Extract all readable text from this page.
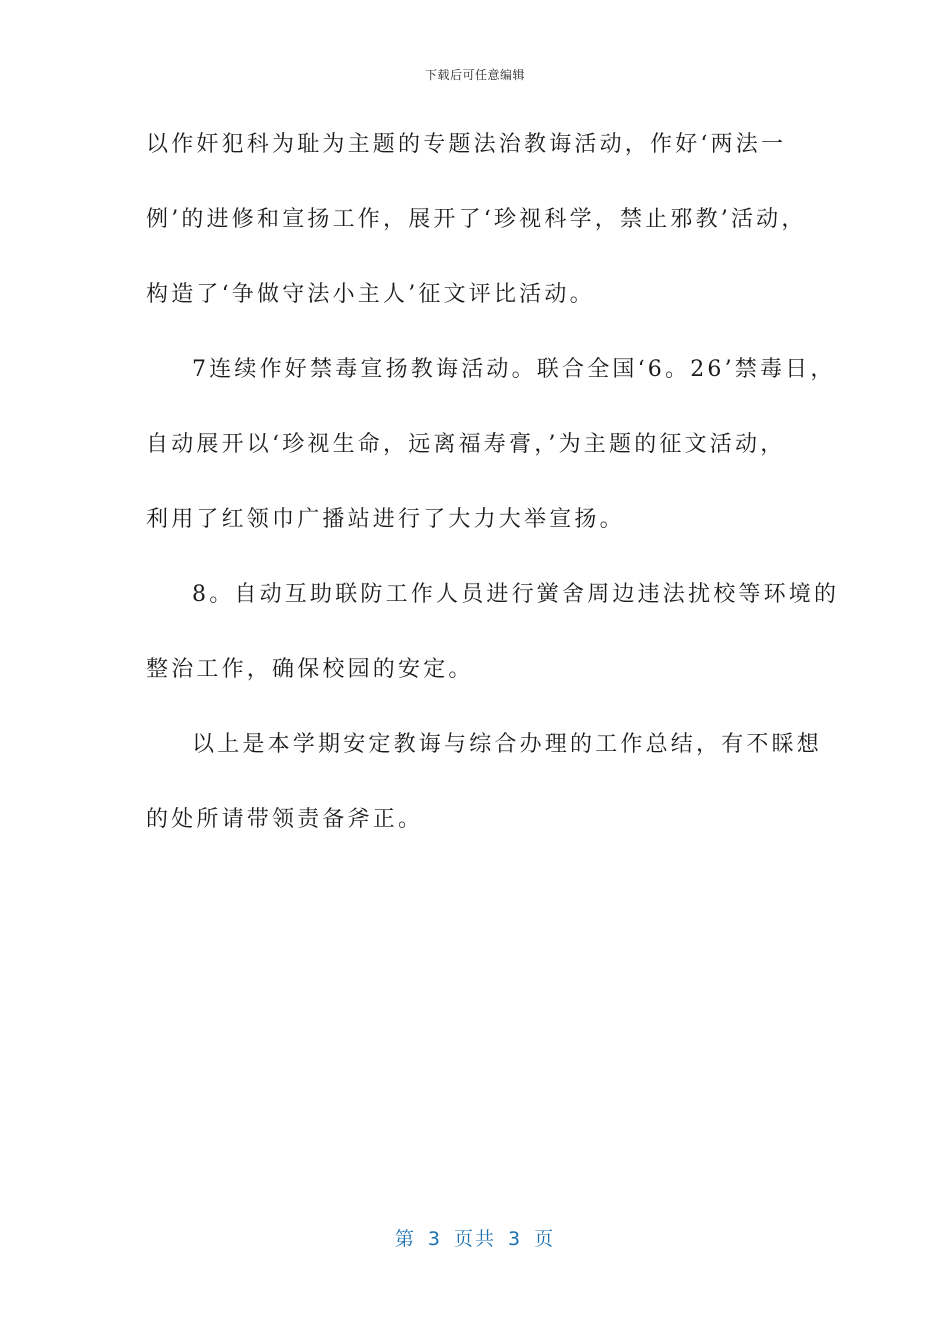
下载后可任意编辑
以作奸犯科为耻为主题的专题法治教诲活动，作好‘两法一
例’的进修和宣扬工作，展开了‘珍视科学，禁止邪教’活动，
构造了‘争做守法小主人’征文评比活动。
7连续作好禁毒宣扬教诲活动。联合全国‘6。26’禁毒日，
自动展开以‘珍视生命，远离福寿膏，’为主题的征文活动，
利用了红领巾广播站进行了大力大举宣扬。
8。自动互助联防工作人员进行黉舍周边违法扰校等环境的
整治工作，确保校园的安定。
以上是本学期安定教诲与综合办理的工作总结，有不睬想
的处所请带领责备斧正。
第 3 页共 3 页
